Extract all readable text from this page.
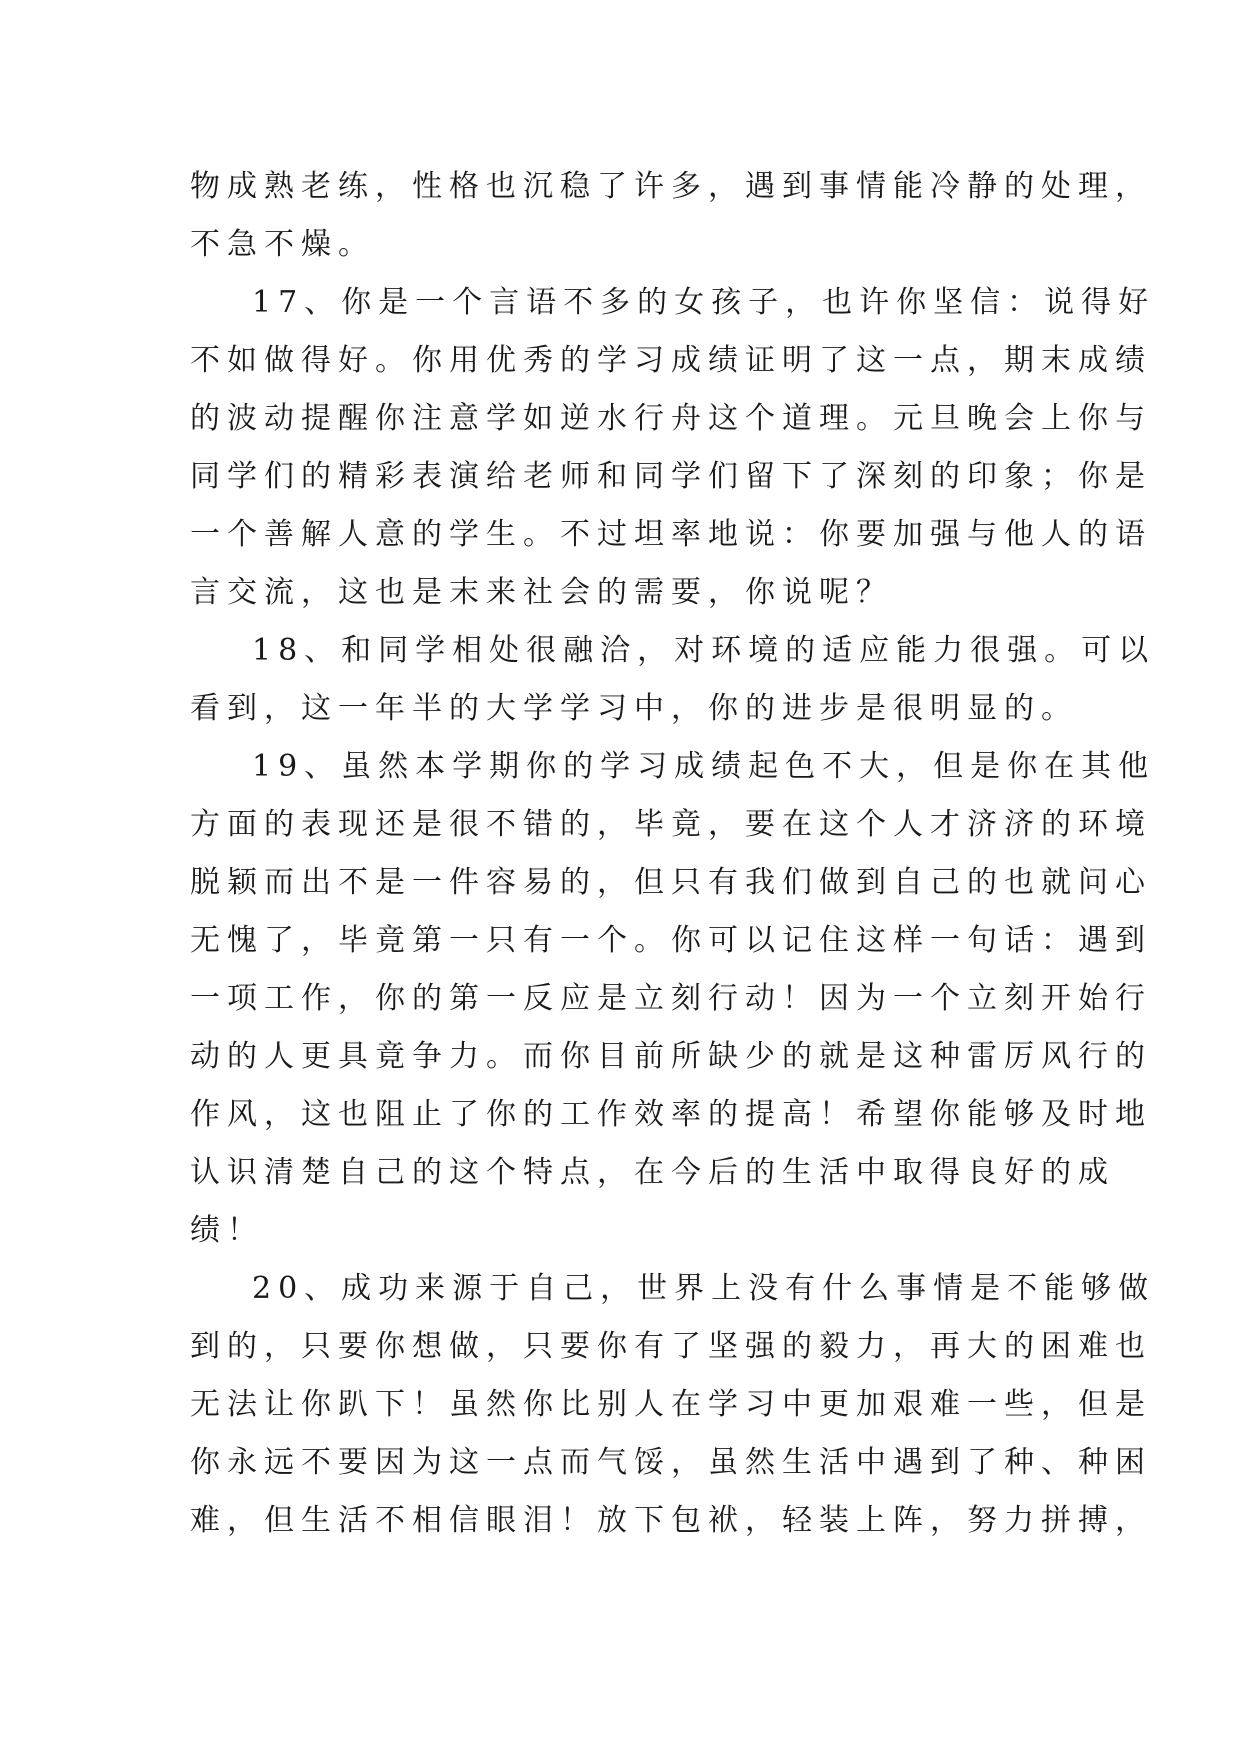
物成熟老练，性格也沉稳了许多，遇到事情能冷静的处理，
不急不燥。
17、你是一个言语不多的女孩子，也许你坚信：说得好
不如做得好。你用优秀的学习成绩证明了这一点，期末成绩
的波动提醒你注意学如逆水行舟这个道理。元旦晚会上你与
同学们的精彩表演给老师和同学们留下了深刻的印象；你是
一个善解人意的学生。不过坦率地说：你要加强与他人的语
言交流，这也是末来社会的需要，你说呢？
18、和同学相处很融洽，对环境的适应能力很强。可以
看到，这一年半的大学学习中，你的进步是很明显的。
19、虽然本学期你的学习成绩起色不大，但是你在其他
方面的表现还是很不错的，毕竟，要在这个人才济济的环境
脱颖而出不是一件容易的，但只有我们做到自己的也就问心
无愧了，毕竟第一只有一个。你可以记住这样一句话：遇到
一项工作，你的第一反应是立刻行动！因为一个立刻开始行
动的人更具竟争力。而你目前所缺少的就是这种雷厉风行的
作风，这也阻止了你的工作效率的提高！希望你能够及时地
认识清楚自己的这个特点，在今后的生活中取得良好的成
绩！
20、成功来源于自己，世界上没有什么事情是不能够做
到的，只要你想做，只要你有了坚强的毅力，再大的困难也
无法让你趴下！虽然你比别人在学习中更加艰难一些，但是
你永远不要因为这一点而气馁，虽然生活中遇到了种、种困
难，但生活不相信眼泪！放下包袱，轻装上阵，努力拼搏，
